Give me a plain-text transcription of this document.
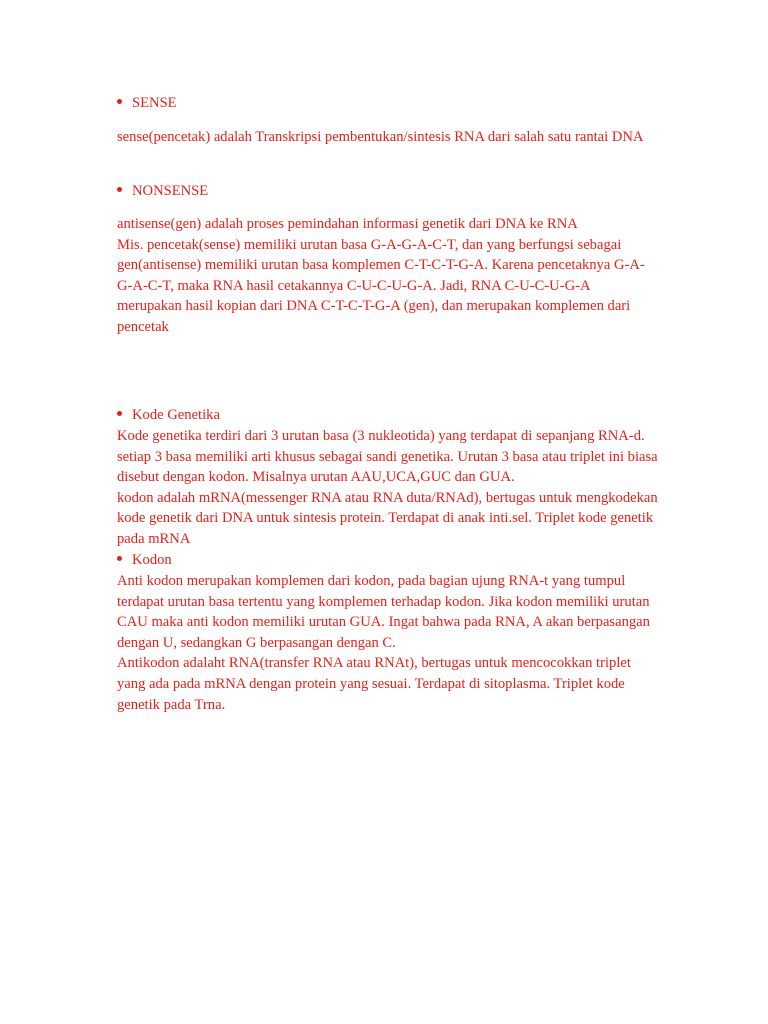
SENSE
sense(pencetak) adalah Transkripsi pembentukan/sintesis RNA dari salah satu rantai DNA
NONSENSE
antisense(gen) adalah proses pemindahan informasi genetik dari DNA ke RNA
Mis. pencetak(sense) memiliki urutan basa G-A-G-A-C-T, dan yang berfungsi sebagai
gen(antisense) memiliki urutan basa komplemen C-T-C-T-G-A. Karena pencetaknya G-A-
G-A-C-T, maka RNA hasil cetakannya C-U-C-U-G-A. Jadi, RNA C-U-C-U-G-A
merupakan hasil kopian dari DNA C-T-C-T-G-A (gen), dan merupakan komplemen dari
pencetak
Kode Genetika
Kode genetika terdiri dari 3 urutan basa (3 nukleotida) yang terdapat di sepanjang RNA-d.
setiap 3 basa memiliki arti khusus sebagai sandi genetika. Urutan 3 basa atau triplet ini biasa
disebut dengan kodon. Misalnya urutan AAU,UCA,GUC dan GUA.
kodon adalah mRNA(messenger RNA atau RNA duta/RNAd), bertugas untuk mengkodekan
kode genetik dari DNA untuk sintesis protein. Terdapat di anak inti.sel. Triplet kode genetik
pada mRNA
Kodon
Anti kodon merupakan komplemen dari kodon, pada bagian ujung RNA-t yang tumpul
terdapat urutan basa tertentu yang komplemen terhadap kodon. Jika kodon memiliki urutan
CAU maka anti kodon memiliki urutan GUA. Ingat bahwa pada RNA, A akan berpasangan
dengan U, sedangkan G berpasangan dengan C.
Antikodon adalaht RNA(transfer RNA atau RNAt), bertugas untuk mencocokkan triplet
yang ada pada mRNA dengan protein yang sesuai. Terdapat di sitoplasma. Triplet kode
genetik pada Trna.
